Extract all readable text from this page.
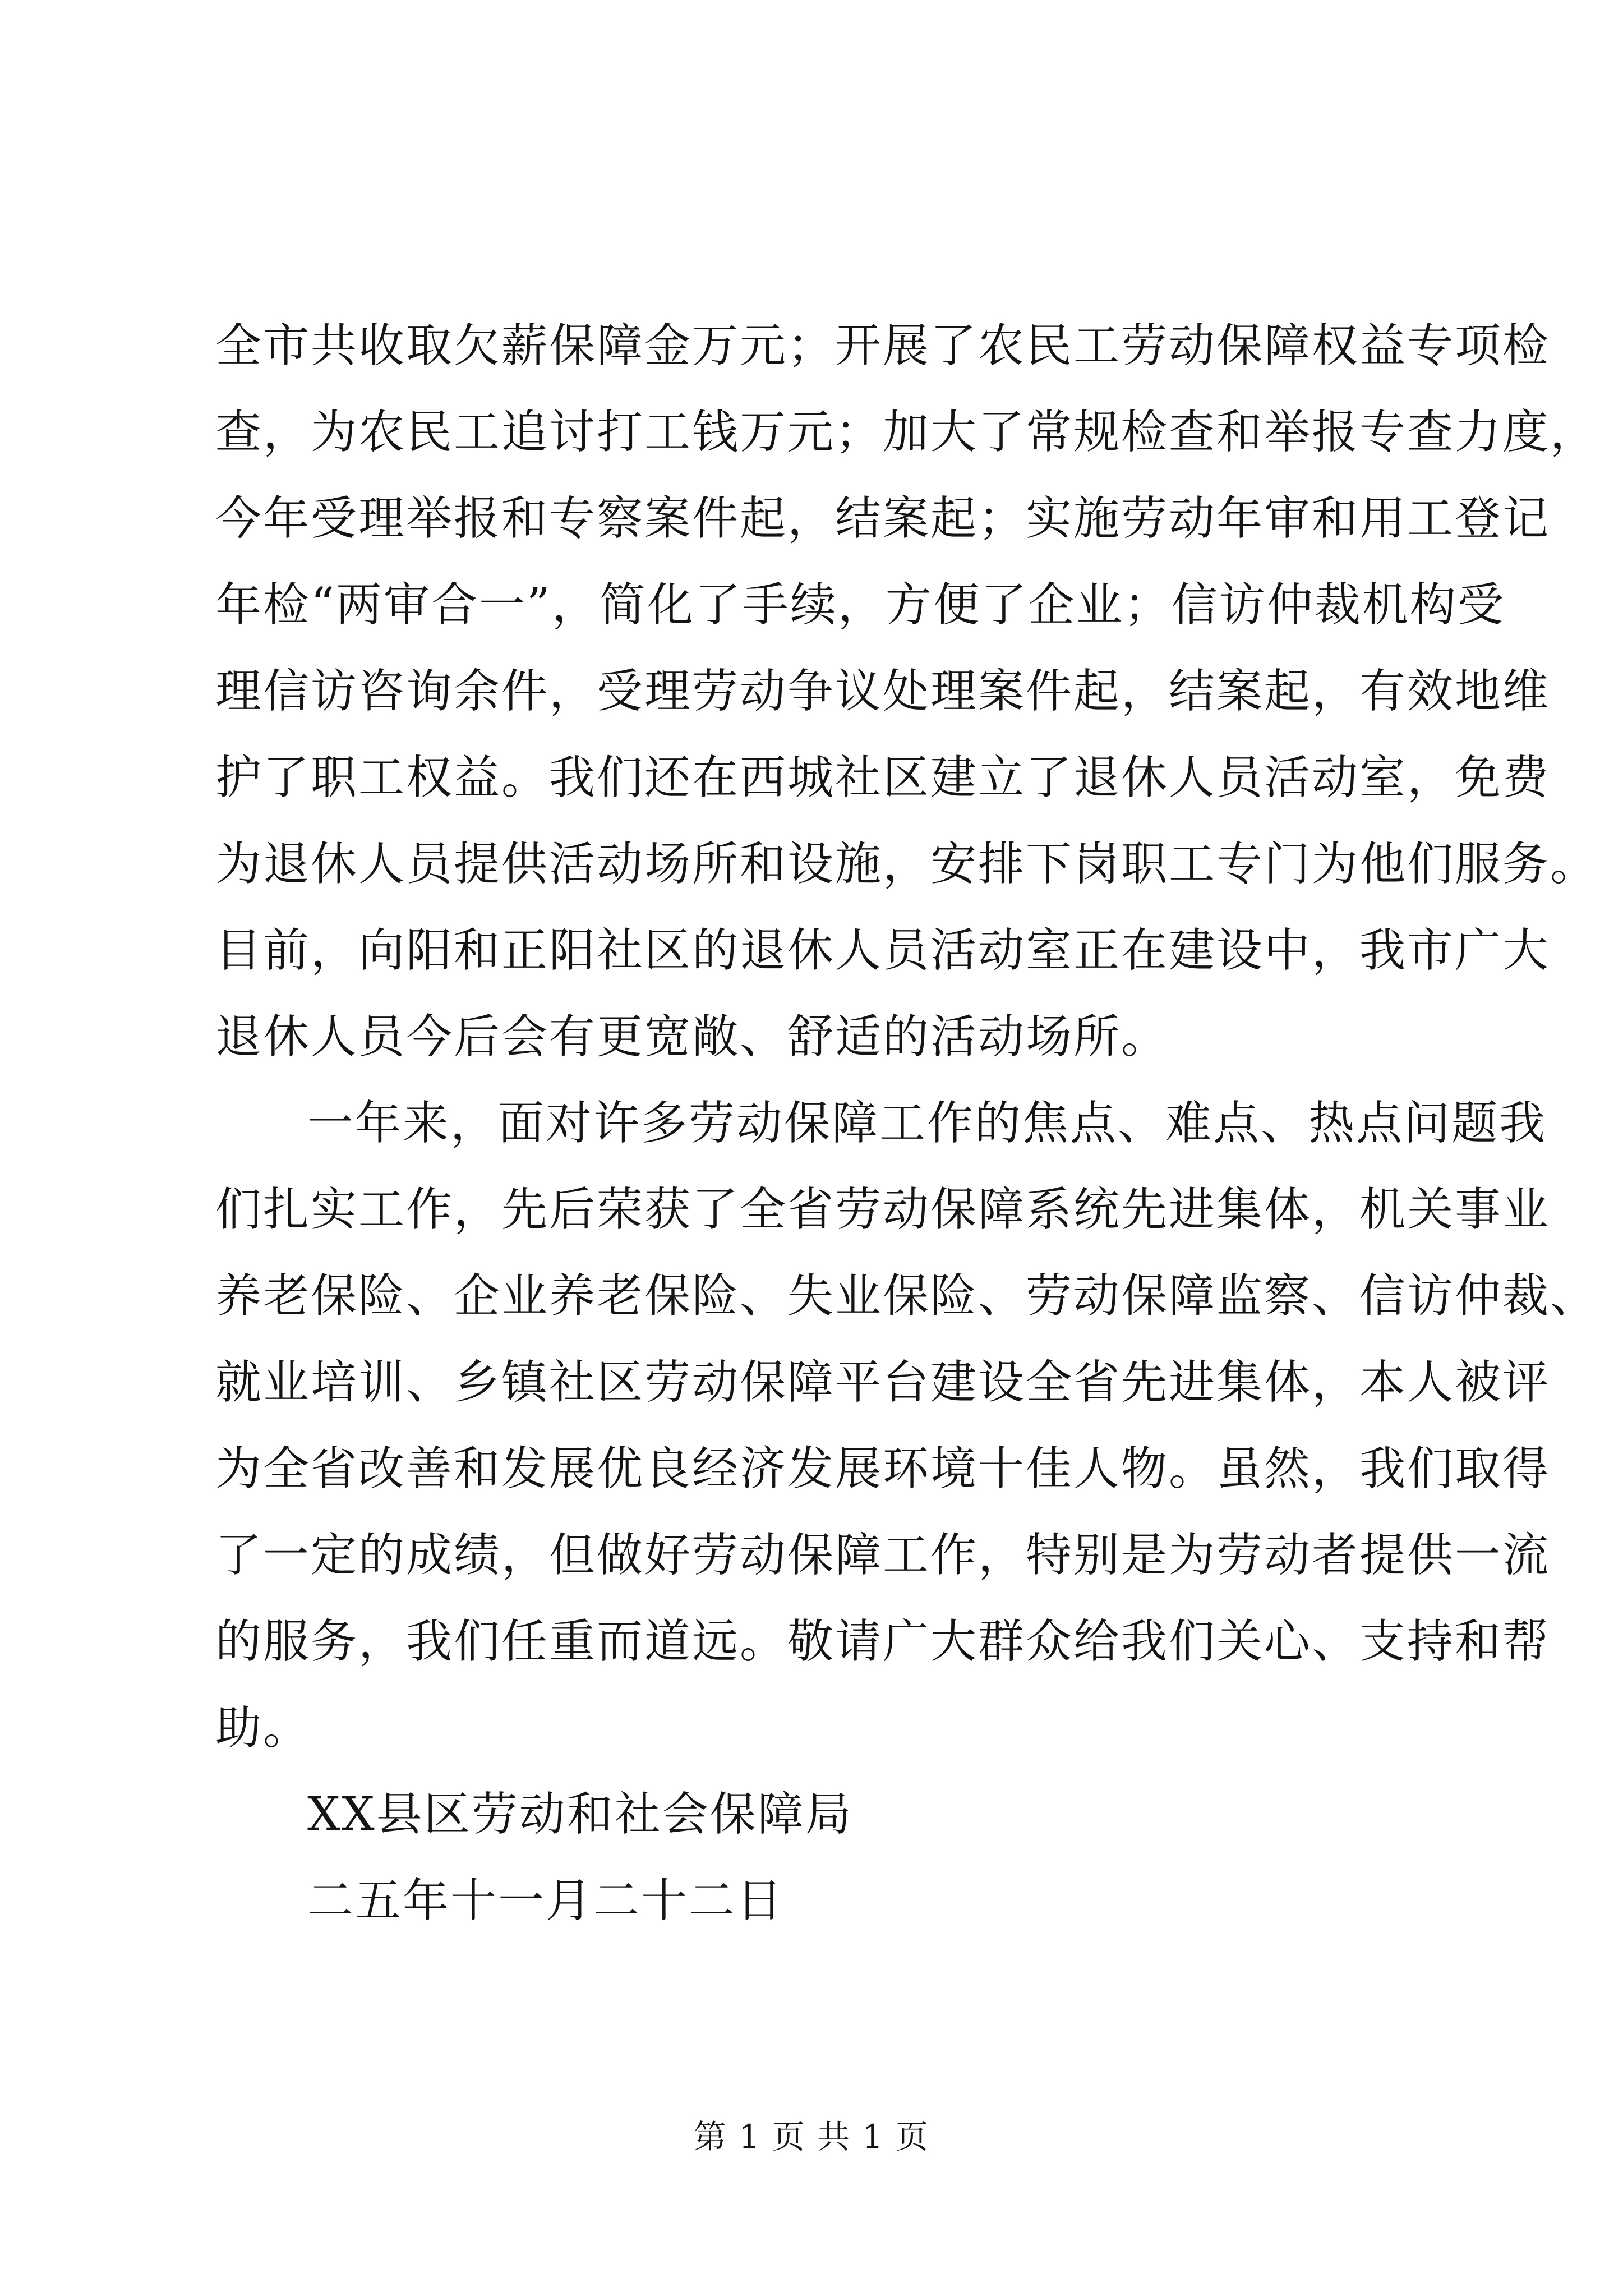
全市共收取欠薪保障金万元；开展了农民工劳动保障权益专项检
查，为农民工追讨打工钱万元；加大了常规检查和举报专查力度，
今年受理举报和专察案件起，结案起；实施劳动年审和用工登记
年检“两审合一”，简化了手续，方便了企业；信访仲裁机构受
理信访咨询余件，受理劳动争议处理案件起，结案起，有效地维
护了职工权益。我们还在西城社区建立了退休人员活动室，免费
为退休人员提供活动场所和设施，安排下岗职工专门为他们服务。
目前，向阳和正阳社区的退休人员活动室正在建设中，我市广大
退休人员今后会有更宽敞、舒适的活动场所。
一年来，面对许多劳动保障工作的焦点、难点、热点问题我
们扎实工作，先后荣获了全省劳动保障系统先进集体，机关事业
养老保险、企业养老保险、失业保险、劳动保障监察、信访仲裁、
就业培训、乡镇社区劳动保障平台建设全省先进集体，本人被评
为全省改善和发展优良经济发展环境十佳人物。虽然，我们取得
了一定的成绩，但做好劳动保障工作，特别是为劳动者提供一流
的服务，我们任重而道远。敬请广大群众给我们关心、支持和帮
助。
XX县区劳动和社会保障局
二五年十一月二十二日
第 1 页 共 1 页
